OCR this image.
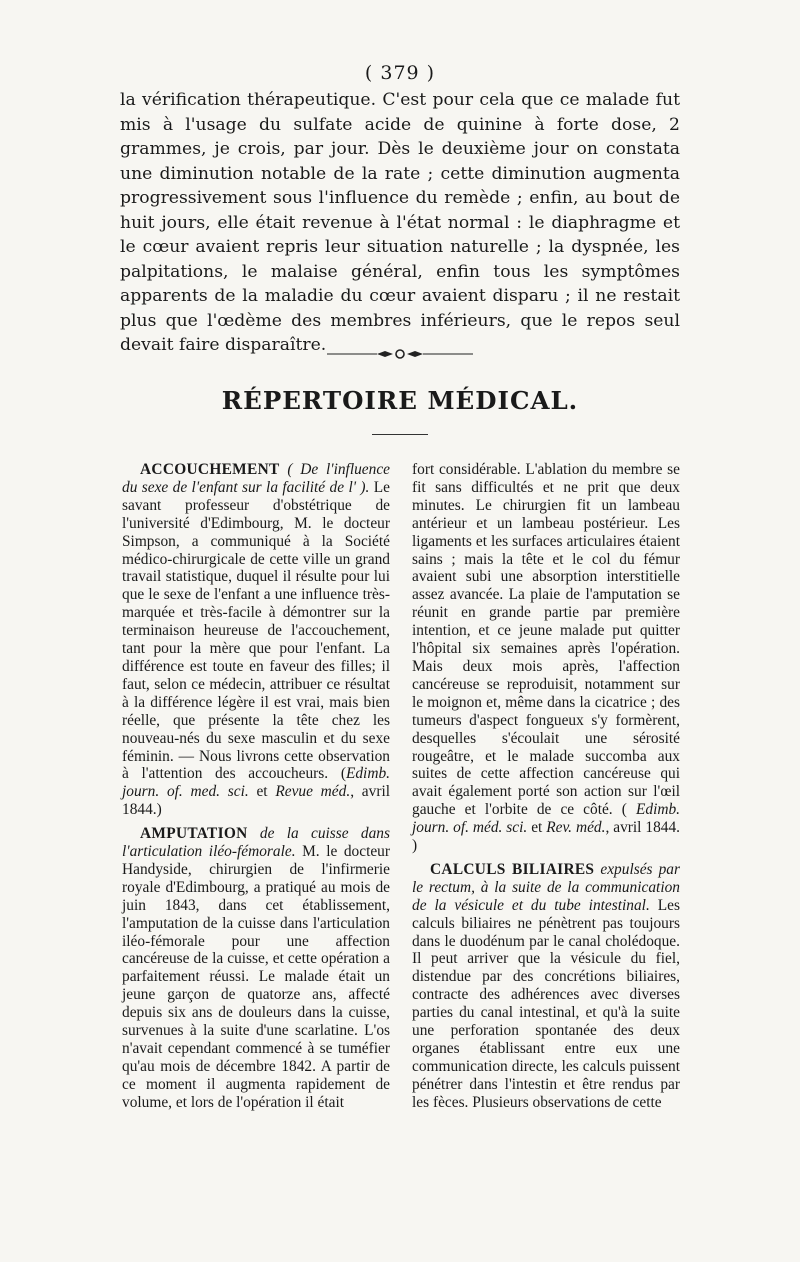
( 379 )

la vérification thérapeutique. C'est pour cela que ce malade fut mis à l'usage du sulfate acide de quinine à forte dose, 2 grammes, je crois, par jour. Dès le deuxième jour on constata une diminution notable de la rate ; cette diminution augmenta progressivement sous l'influence du remède ; enfin, au bout de huit jours, elle était revenue à l'état normal : le diaphragme et le cœur avaient repris leur situation naturelle ; la dyspnée, les palpitations, le malaise général, enfin tous les symptômes apparents de la maladie du cœur avaient disparu ; il ne restait plus que l'œdème des membres inférieurs, que le repos seul devait faire disparaître.

RÉPERTOIRE MÉDICAL.

ACCOUCHEMENT ( De l'influence du sexe de l'enfant sur la facilité de l' ). Le savant professeur d'obstétrique de l'université d'Edimbourg, M. le docteur Simpson, a communiqué à la Société médico-chirurgicale de cette ville un grand travail statistique, duquel il résulte pour lui que le sexe de l'enfant a une influence très-marquée et très-facile à démontrer sur la terminaison heureuse de l'accouchement, tant pour la mère que pour l'enfant. La différence est toute en faveur des filles; il faut, selon ce médecin, attribuer ce résultat à la différence légère il est vrai, mais bien réelle, que présente la tête chez les nouveau-nés du sexe masculin et du sexe féminin. — Nous livrons cette observation à l'attention des accoucheurs. (Edimb. journ. of. med. sci. et Revue méd., avril 1844.)

AMPUTATION de la cuisse dans l'articulation iléo-fémorale. M. le docteur Handyside, chirurgien de l'infirmerie royale d'Edimbourg, a pratiqué au mois de juin 1843, dans cet établissement, l'amputation de la cuisse dans l'articulation iléo-fémorale pour une affection cancéreuse de la cuisse, et cette opération a parfaitement réussi. Le malade était un jeune garçon de quatorze ans, affecté depuis six ans de douleurs dans la cuisse, survenues à la suite d'une scarlatine. L'os n'avait cependant commencé à se tuméfier qu'au mois de décembre 1842. A partir de ce moment il augmenta rapidement de volume, et lors de l'opération il était

fort considérable. L'ablation du membre se fit sans difficultés et ne prit que deux minutes. Le chirurgien fit un lambeau antérieur et un lambeau postérieur. Les ligaments et les surfaces articulaires étaient sains ; mais la tête et le col du fémur avaient subi une absorption interstitielle assez avancée. La plaie de l'amputation se réunit en grande partie par première intention, et ce jeune malade put quitter l'hôpital six semaines après l'opération. Mais deux mois après, l'affection cancéreuse se reproduisit, notamment sur le moignon et, même dans la cicatrice ; des tumeurs d'aspect fongueux s'y formèrent, desquelles s'écoulait une sérosité rougeâtre, et le malade succomba aux suites de cette affection cancéreuse qui avait également porté son action sur l'œil gauche et l'orbite de ce côté. ( Edimb. journ. of. méd. sci. et Rev. méd., avril 1844. )

CALCULS BILIAIRES expulsés par le rectum, à la suite de la communication de la vésicule et du tube intestinal. Les calculs biliaires ne pénètrent pas toujours dans le duodénum par le canal cholédoque. Il peut arriver que la vésicule du fiel, distendue par des concrétions biliaires, contracte des adhérences avec diverses parties du canal intestinal, et qu'à la suite une perforation spontanée des deux organes établissant entre eux une communication directe, les calculs puissent pénétrer dans l'intestin et être rendus par les fèces. Plusieurs observations de cette
